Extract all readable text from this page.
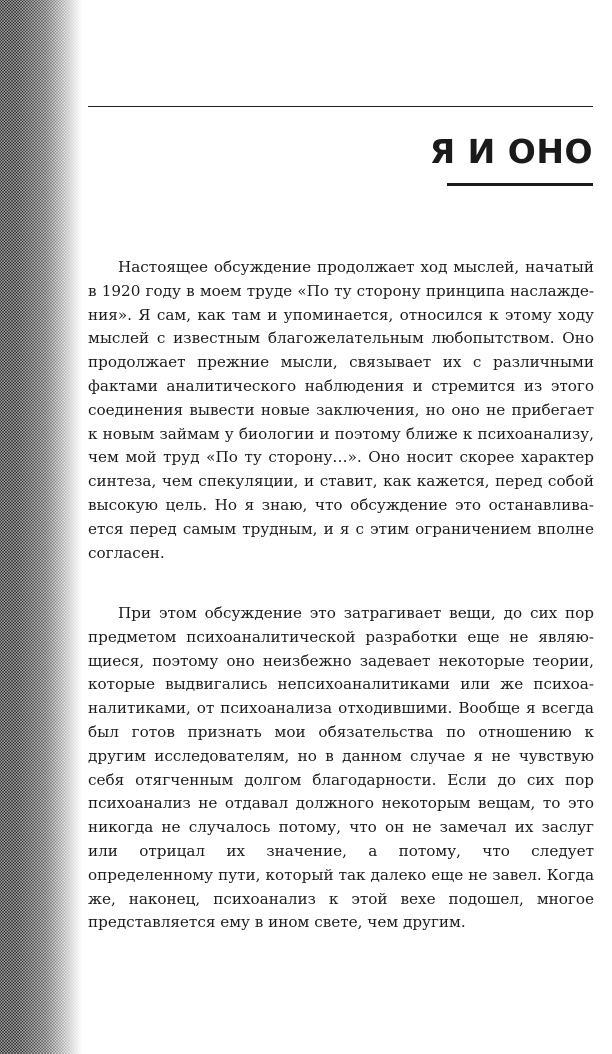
Я И ОНО

Настоящее обсуждение продолжает ход мыслей, начатый в 1920 году в моем труде «По ту сторону принципа наслаждения». Я сам, как там и упоминается, относился к этому ходу мыслей с известным благожелательным любопытством. Оно продолжает прежние мысли, связывает их с различными фактами аналитического наблюдения и стремится из этого соединения вывести новые заключения, но оно не прибегает к новым займам у биологии и поэтому ближе к психоанализу, чем мой труд «По ту сторону…». Оно носит скорее характер синтеза, чем спекуляции, и ставит, как кажется, перед собой высокую цель. Но я знаю, что обсуждение это останавливается перед самым трудным, и я с этим ограничением вполне согласен.

При этом обсуждение это затрагивает вещи, до сих пор предметом психоаналитической разработки еще не являющиеся, поэтому оно неизбежно задевает некоторые теории, которые выдвигались непсихоаналитиками или же психоаналитиками, от психоанализа отходившими. Вообще я всегда был готов признать мои обязательства по отношению к другим исследователям, но в данном случае я не чувствую себя отягченным долгом благодарности. Если до сих пор психоанализ не отдавал должного некоторым вещам, то это никогда не случалось потому, что он не замечал их заслуг или отрицал их значение, а потому, что следует определенному пути, который так далеко еще не завел. Когда же, наконец, психоанализ к этой вехе подошел, многое представляется ему в ином свете, чем другим.
